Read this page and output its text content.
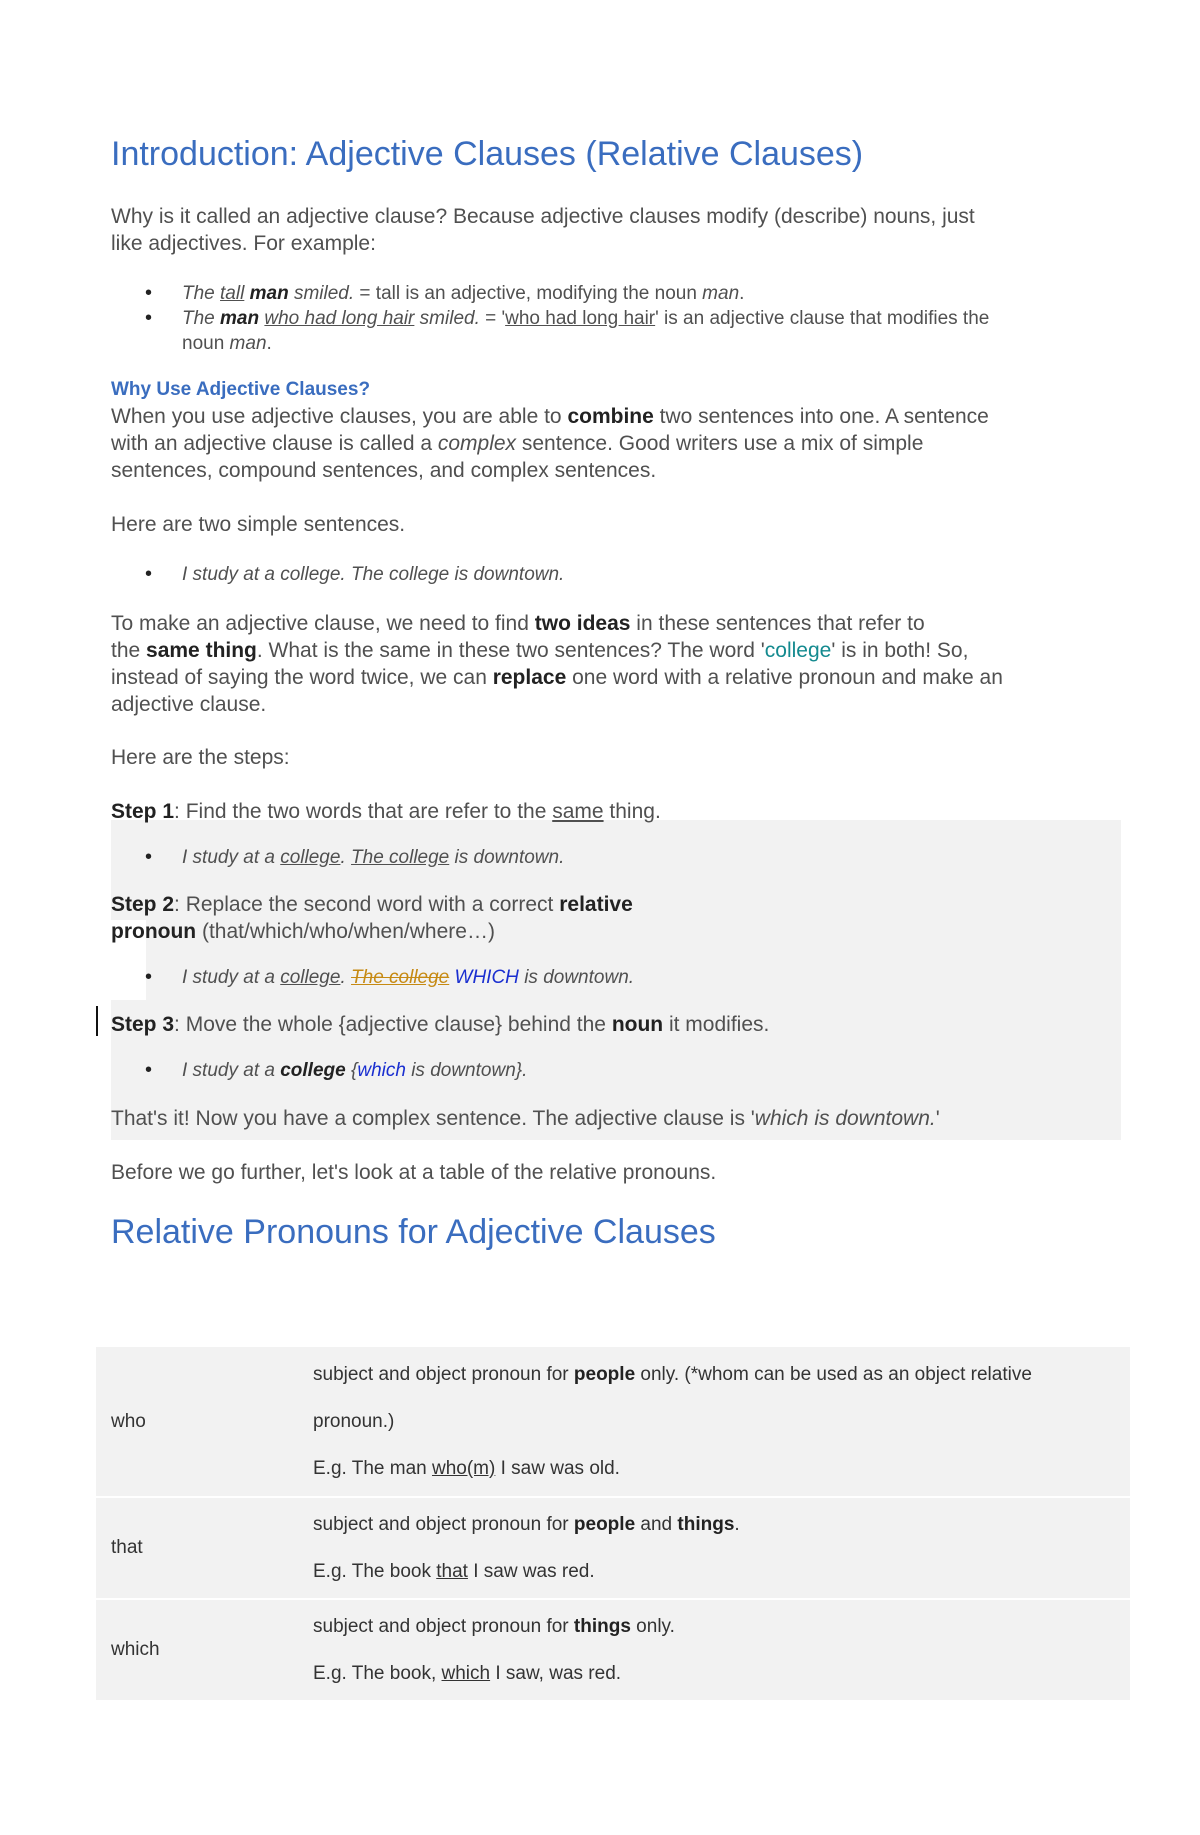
Introduction: Adjective Clauses (Relative Clauses)

Why is it called an adjective clause? Because adjective clauses modify (describe) nouns, just
like adjectives. For example:

• The tall man smiled. = tall is an adjective, modifying the noun man.
• The man who had long hair smiled. = 'who had long hair' is an adjective clause that modifies the
noun man.
Why Use Adjective Clauses?

When you use adjective clauses, you are able to combine two sentences into one. A sentence
with an adjective clause is called a complex sentence. Good writers use a mix of simple
sentences, compound sentences, and complex sentences.

Here are two simple sentences.

• I study at a college. The college is downtown.

To make an adjective clause, we need to find two ideas in these sentences that refer to
the same thing. What is the same in these two sentences? The word 'college' is in both! So,
instead of saying the word twice, we can replace one word with a relative pronoun and make an
adjective clause.

Here are the steps:

Step 1: Find the two words that are refer to the same thing.

• I study at a college. The college is downtown.

Step 2: Replace the second word with a correct relative
pronoun (that/which/who/when/where…)

• I study at a college. The college WHICH is downtown.

Step 3: Move the whole {adjective clause} behind the noun it modifies.

• I study at a college {which is downtown}.

That's it! Now you have a complex sentence. The adjective clause is 'which is downtown.'

Before we go further, let's look at a table of the relative pronouns.

Relative Pronouns for Adjective Clauses
who	subject and object pronoun for people only. (*whom can be used as an object relative
pronoun.)
E.g. The man who(m) I saw was old.

that	subject and object pronoun for people and things.
E.g. The book that I saw was red.

which	subject and object pronoun for things only.
E.g. The book, which I saw, was red.
